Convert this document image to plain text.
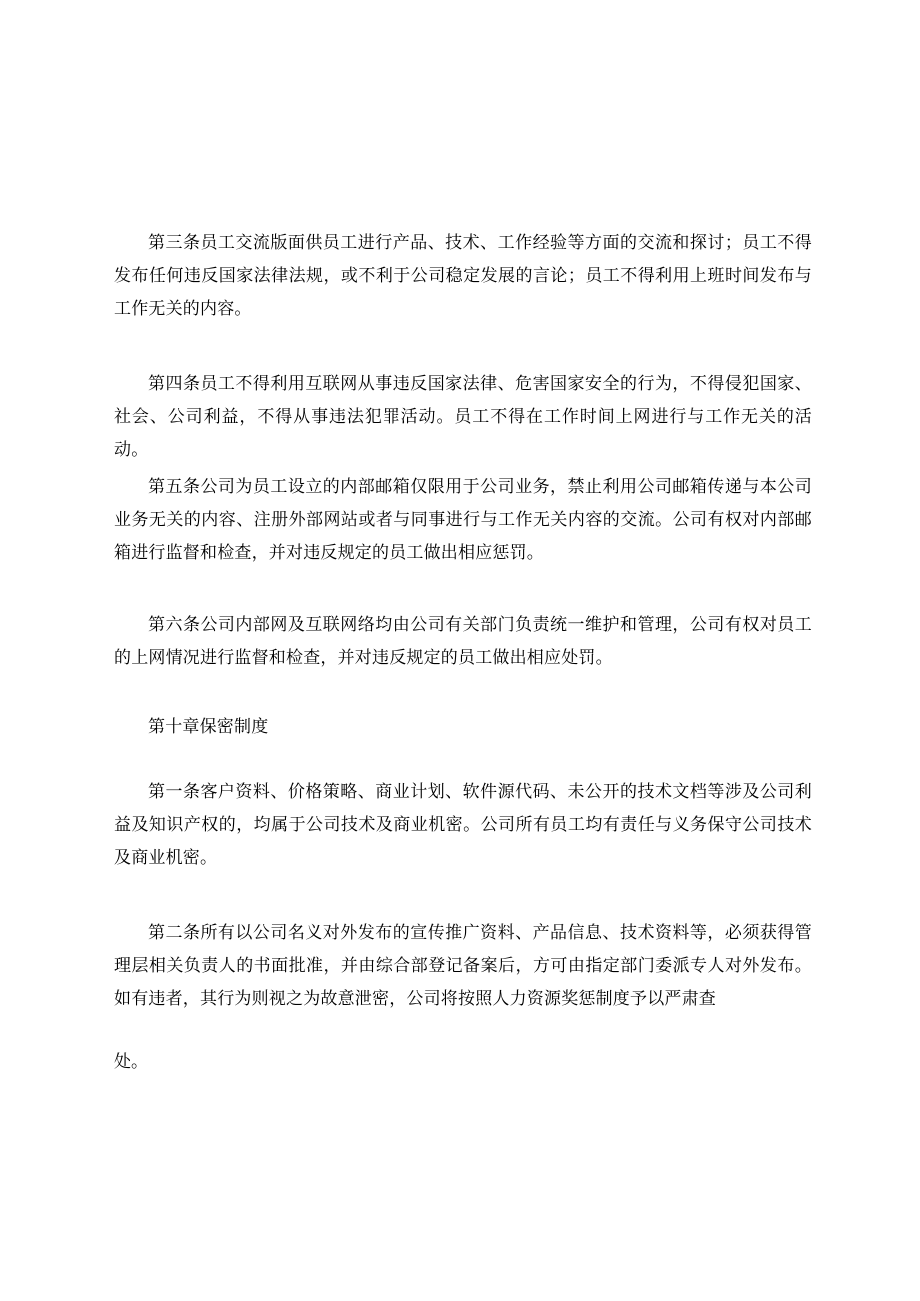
第三条员工交流版面供员工进行产品、技术、工作经验等方面的交流和探讨；员工不得发布任何违反国家法律法规，或不利于公司稳定发展的言论；员工不得利用上班时间发布与工作无关的内容。

第四条员工不得利用互联网从事违反国家法律、危害国家安全的行为，不得侵犯国家、社会、公司利益，不得从事违法犯罪活动。员工不得在工作时间上网进行与工作无关的活动。

第五条公司为员工设立的内部邮箱仅限用于公司业务，禁止利用公司邮箱传递与本公司业务无关的内容、注册外部网站或者与同事进行与工作无关内容的交流。公司有权对内部邮箱进行监督和检查，并对违反规定的员工做出相应惩罚。

第六条公司内部网及互联网络均由公司有关部门负责统一维护和管理，公司有权对员工的上网情况进行监督和检查，并对违反规定的员工做出相应处罚。

第十章保密制度

第一条客户资料、价格策略、商业计划、软件源代码、未公开的技术文档等涉及公司利益及知识产权的，均属于公司技术及商业机密。公司所有员工均有责任与义务保守公司技术及商业机密。

第二条所有以公司名义对外发布的宣传推广资料、产品信息、技术资料等，必须获得管理层相关负责人的书面批准，并由综合部登记备案后，方可由指定部门委派专人对外发布。如有违者，其行为则视之为故意泄密，公司将按照人力资源奖惩制度予以严肃查

处。
